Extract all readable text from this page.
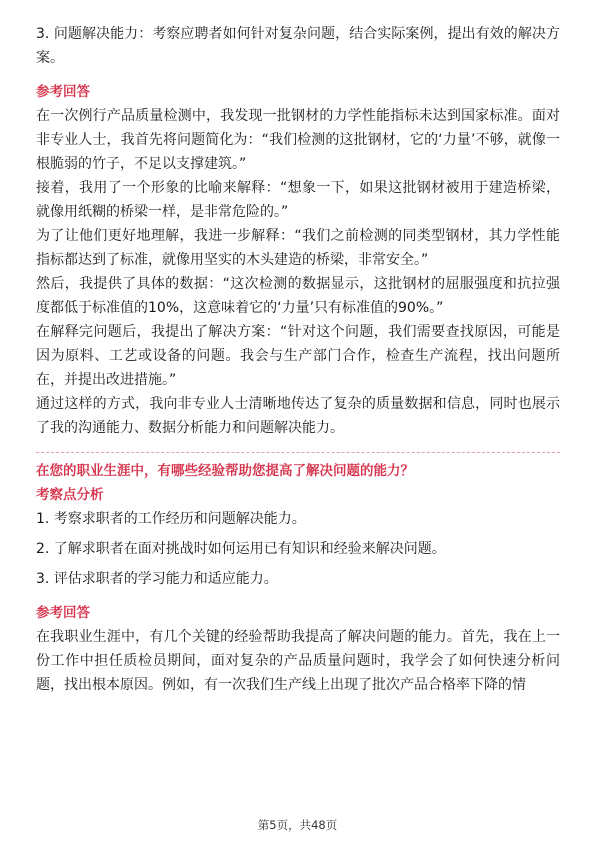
3. 问题解决能力：考察应聘者如何针对复杂问题，结合实际案例，提出有效的解决方案。

参考回答

在一次例行产品质量检测中，我发现一批钢材的力学性能指标未达到国家标准。面对非专业人士，我首先将问题简化为：“我们检测的这批钢材，它的‘力量’不够，就像一根脆弱的竹子，不足以支撑建筑。”

接着，我用了一个形象的比喻来解释：“想象一下，如果这批钢材被用于建造桥梁，就像用纸糊的桥梁一样，是非常危险的。”

为了让他们更好地理解，我进一步解释：“我们之前检测的同类型钢材，其力学性能指标都达到了标准，就像用坚实的木头建造的桥梁，非常安全。”

然后，我提供了具体的数据：“这次检测的数据显示，这批钢材的屈服强度和抗拉强度都低于标准值的10%，这意味着它的‘力量’只有标准值的90%。”

在解释完问题后，我提出了解决方案：“针对这个问题，我们需要查找原因，可能是因为原料、工艺或设备的问题。我会与生产部门合作，检查生产流程，找出问题所在，并提出改进措施。”

通过这样的方式，我向非专业人士清晰地传达了复杂的质量数据和信息，同时也展示了我的沟通能力、数据分析能力和问题解决能力。

在您的职业生涯中，有哪些经验帮助您提高了解决问题的能力？
考察点分析

1. 考察求职者的工作经历和问题解决能力。

2. 了解求职者在面对挑战时如何运用已有知识和经验来解决问题。

3. 评估求职者的学习能力和适应能力。

参考回答

在我职业生涯中，有几个关键的经验帮助我提高了解决问题的能力。首先，我在上一份工作中担任质检员期间，面对复杂的产品质量问题时，我学会了如何快速分析问题，找出根本原因。例如，有一次我们生产线上出现了批次产品合格率下降的情

第5页，共48页
